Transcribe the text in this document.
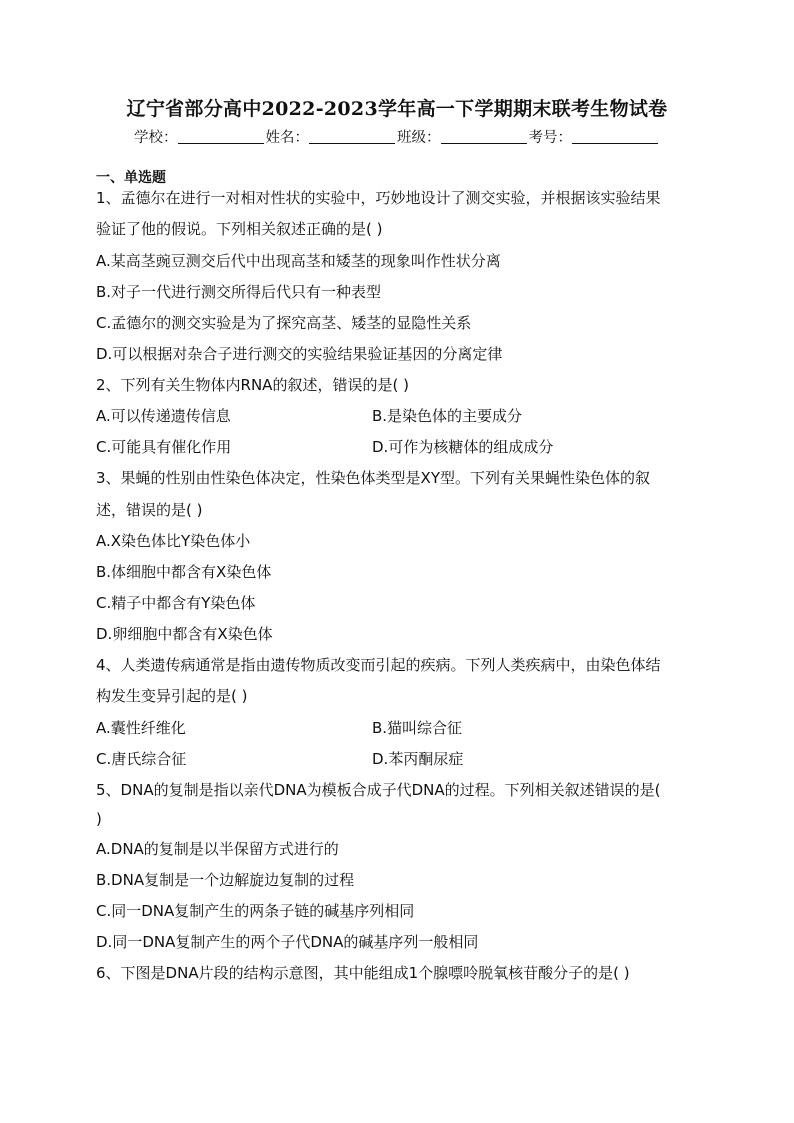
辽宁省部分高中2022-2023学年高一下学期期末联考生物试卷
学校：	姓名：	班级：	考号：
一、单选题
1、孟德尔在进行一对相对性状的实验中，巧妙地设计了测交实验，并根据该实验结果
验证了他的假说。下列相关叙述正确的是( )
A.某高茎豌豆测交后代中出现高茎和矮茎的现象叫作性状分离
B.对子一代进行测交所得后代只有一种表型
C.孟德尔的测交实验是为了探究高茎、矮茎的显隐性关系
D.可以根据对杂合子进行测交的实验结果验证基因的分离定律
2、下列有关生物体内RNA的叙述，错误的是( )
A.可以传递遗传信息	B.是染色体的主要成分
C.可能具有催化作用	D.可作为核糖体的组成成分
3、果蝇的性别由性染色体决定，性染色体类型是XY型。下列有关果蝇性染色体的叙
述，错误的是( )
A.X染色体比Y染色体小
B.体细胞中都含有X染色体
C.精子中都含有Y染色体
D.卵细胞中都含有X染色体
4、人类遗传病通常是指由遗传物质改变而引起的疾病。下列人类疾病中，由染色体结
构发生变异引起的是( )
A.囊性纤维化	B.猫叫综合征
C.唐氏综合征	D.苯丙酮尿症
5、DNA的复制是指以亲代DNA为模板合成子代DNA的过程。下列相关叙述错误的是(
)
A.DNA的复制是以半保留方式进行的
B.DNA复制是一个边解旋边复制的过程
C.同一DNA复制产生的两条子链的碱基序列相同
D.同一DNA复制产生的两个子代DNA的碱基序列一般相同
6、下图是DNA片段的结构示意图，其中能组成1个腺嘌呤脱氧核苷酸分子的是( )
